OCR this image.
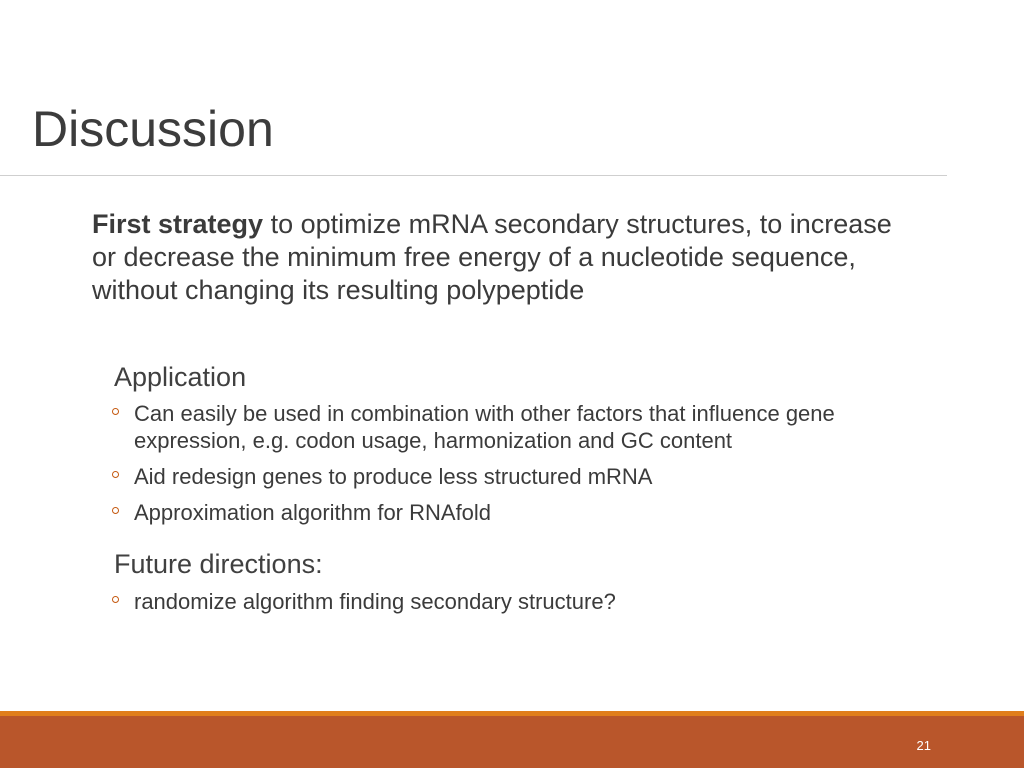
Discussion

First strategy to optimize mRNA secondary structures, to increase or decrease the minimum free energy of a nucleotide sequence, without changing its resulting polypeptide

Application
Can easily be used in combination with other factors that influence gene expression, e.g. codon usage, harmonization and GC content
Aid redesign genes to produce less structured mRNA
Approximation algorithm for RNAfold
Future directions:
randomize algorithm finding secondary structure?
21
